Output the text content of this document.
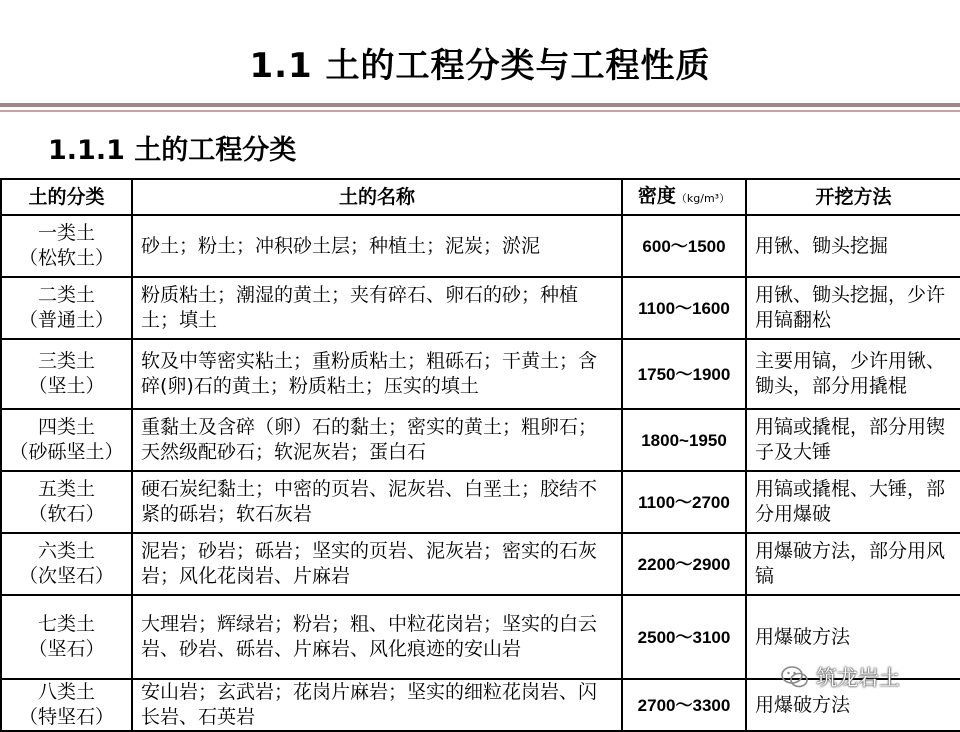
1.1 土的工程分类与工程性质
1.1.1 土的工程分类
土的分类	土的名称	密度（kg/m³）	开挖方法

一类土
（松软土）	砂土；粉土；冲积砂土层；种植土；泥炭；淤泥	600～1500	用锹、锄头挖掘

二类土
（普通土）	粉质粘土；潮湿的黄土；夹有碎石、卵石的砂；种植土；填土	1100～1600	用锹、锄头挖掘，少许用镐翻松

三类土
（坚土）	软及中等密实粘土；重粉质粘土；粗砾石；干黄土；含碎(卵)石的黄土；粉质粘土；压实的填土	1750～1900	主要用镐，少许用锹、锄头，部分用撬棍

四类土
（砂砾坚土）	重黏土及含碎（卵）石的黏土；密实的黄土；粗卵石；天然级配砂石；软泥灰岩；蛋白石	1800~1950	用镐或撬棍，部分用锲子及大锤

五类土
（软石）	硬石炭纪黏土；中密的页岩、泥灰岩、白垩土；胶结不紧的砾岩；软石灰岩	1100～2700	用镐或撬棍、大锤，部分用爆破

六类土
（次坚石）	泥岩；砂岩；砾岩；坚实的页岩、泥灰岩；密实的石灰岩；风化花岗岩、片麻岩	2200～2900	用爆破方法，部分用风镐

七类土
（坚石）	大理岩；辉绿岩；粉岩；粗、中粒花岗岩；坚实的白云岩、砂岩、砾岩、片麻岩、风化痕迹的安山岩	2500～3100	用爆破方法

八类土
（特坚石）	安山岩；玄武岩；花岗片麻岩；坚实的细粒花岗岩、闪长岩、石英岩	2700～3300	用爆破方法
筑龙岩土
